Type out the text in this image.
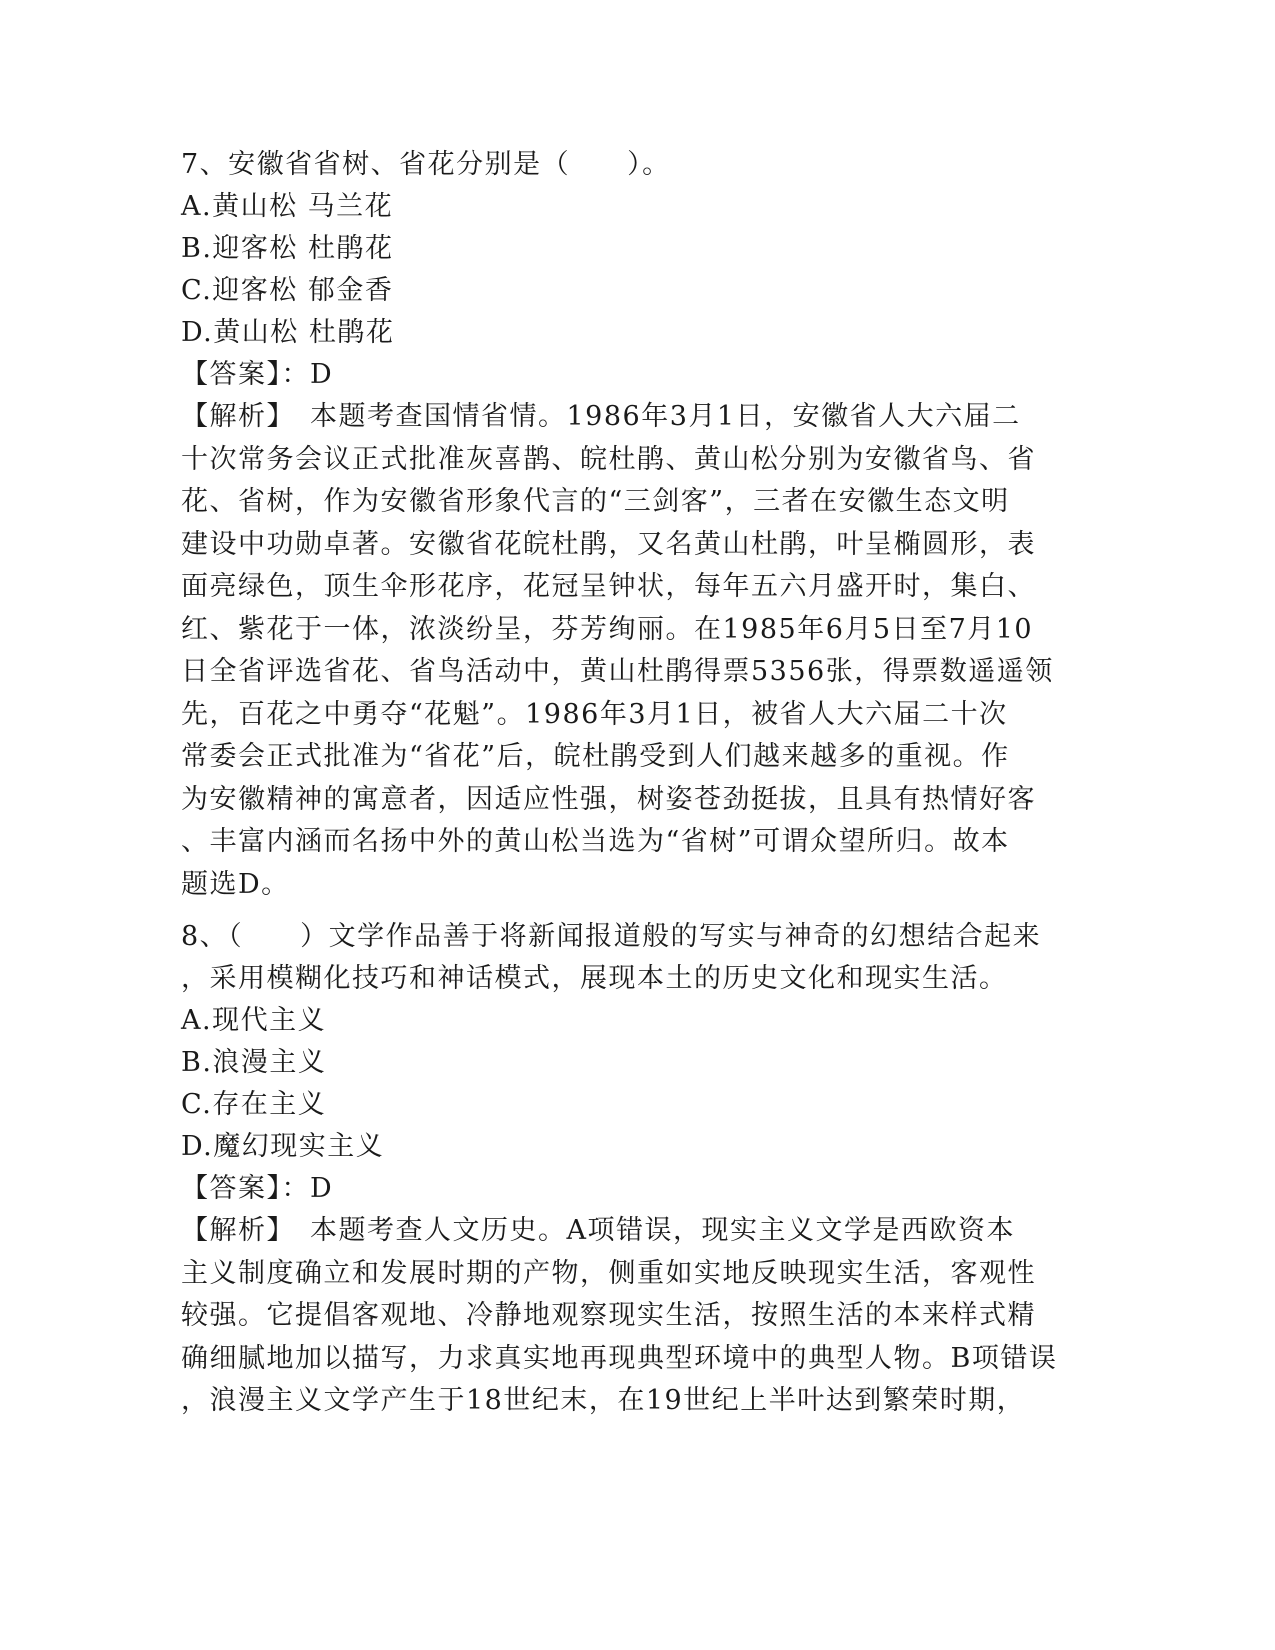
7、安徽省省树、省花分别是（　　）。
A.黄山松 马兰花
B.迎客松 杜鹃花
C.迎客松 郁金香
D.黄山松 杜鹃花
【答案】：D
【解析】　本题考查国情省情。1986年3月1日，安徽省人大六届二
十次常务会议正式批准灰喜鹊、皖杜鹃、黄山松分别为安徽省鸟、省
花、省树，作为安徽省形象代言的“三剑客”，三者在安徽生态文明
建设中功勋卓著。安徽省花皖杜鹃，又名黄山杜鹃，叶呈椭圆形，表
面亮绿色，顶生伞形花序，花冠呈钟状，每年五六月盛开时，集白、
红、紫花于一体，浓淡纷呈，芬芳绚丽。在1985年6月5日至7月10
日全省评选省花、省鸟活动中，黄山杜鹃得票5356张，得票数遥遥领
先，百花之中勇夺“花魁”。1986年3月1日，被省人大六届二十次
常委会正式批准为“省花”后，皖杜鹃受到人们越来越多的重视。作
为安徽精神的寓意者，因适应性强，树姿苍劲挺拔，且具有热情好客
、丰富内涵而名扬中外的黄山松当选为“省树”可谓众望所归。故本
题选D。
8、（　　）文学作品善于将新闻报道般的写实与神奇的幻想结合起来
，采用模糊化技巧和神话模式，展现本土的历史文化和现实生活。
A.现代主义
B.浪漫主义
C.存在主义
D.魔幻现实主义
【答案】：D
【解析】　本题考查人文历史。A项错误，现实主义文学是西欧资本
主义制度确立和发展时期的产物，侧重如实地反映现实生活，客观性
较强。它提倡客观地、冷静地观察现实生活，按照生活的本来样式精
确细腻地加以描写，力求真实地再现典型环境中的典型人物。B项错误
，浪漫主义文学产生于18世纪末，在19世纪上半叶达到繁荣时期，
